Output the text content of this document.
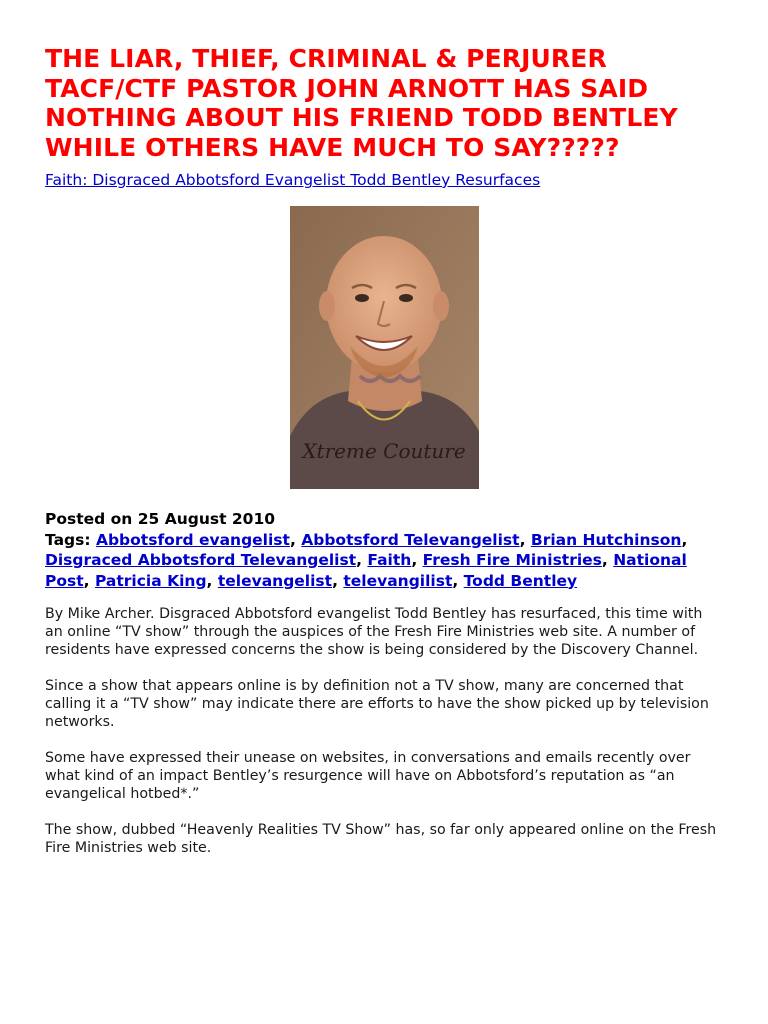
THE LIAR, THIEF, CRIMINAL & PERJURER
TACF/CTF PASTOR JOHN ARNOTT HAS SAID
NOTHING ABOUT HIS FRIEND TODD BENTLEY
WHILE OTHERS HAVE MUCH TO SAY?????
Faith: Disgraced Abbotsford Evangelist Todd Bentley Resurfaces
Xtreme Couture
Posted on 25 August 2010
Tags: Abbotsford evangelist, Abbotsford Televangelist, Brian Hutchinson, Disgraced Abbotsford Televangelist, Faith, Fresh Fire Ministries, National Post, Patricia King, televangelist, televangilist, Todd Bentley

By Mike Archer. Disgraced Abbotsford evangelist Todd Bentley has resurfaced, this time with an online “TV show” through the auspices of the Fresh Fire Ministries web site. A number of residents have expressed concerns the show is being considered by the Discovery Channel.

Since a show that appears online is by definition not a TV show, many are concerned that calling it a “TV show” may indicate there are efforts to have the show picked up by television networks.

Some have expressed their unease on websites, in conversations and emails recently over what kind of an impact Bentley’s resurgence will have on Abbotsford’s reputation as “an evangelical hotbed*.”

The show, dubbed “Heavenly Realities TV Show” has, so far only appeared online on the Fresh Fire Ministries web site.
